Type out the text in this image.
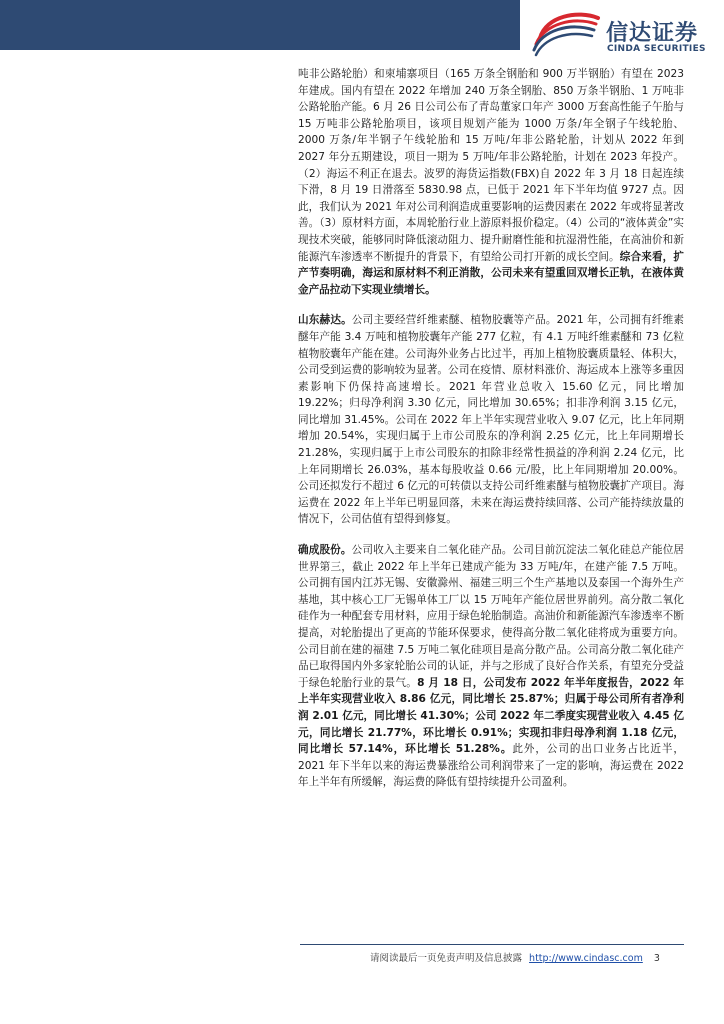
信达证券
CINDA SECURITIES

吨非公路轮胎）和柬埔寨项目（165 万条全钢胎和 900 万半钢胎）有望在 2023 年建成。国内有望在 2022 年增加 240 万条全钢胎、850 万条半钢胎、1 万吨非公路轮胎产能。6 月 26 日公司公布了青岛董家口年产 3000 万套高性能子午胎与 15 万吨非公路轮胎项目，该项目规划产能为 1000 万条/年全钢子午线轮胎、2000 万条/年半钢子午线轮胎和 15 万吨/年非公路轮胎，计划从 2022 年到 2027 年分五期建设，项目一期为 5 万吨/年非公路轮胎，计划在 2023 年投产。（2）海运不利正在退去。波罗的海货运指数(FBX)自 2022 年 3 月 18 日起连续下滑，8 月 19 日滑落至 5830.98 点，已低于 2021 年下半年均值 9727 点。因此，我们认为 2021 年对公司利润造成重要影响的运费因素在 2022 年或将显著改善。（3）原材料方面，本周轮胎行业上游原料报价稳定。（4）公司的“液体黄金”实现技术突破，能够同时降低滚动阻力、提升耐磨性能和抗湿滑性能，在高油价和新能源汽车渗透率不断提升的背景下，有望给公司打开新的成长空间。综合来看，扩产节奏明确，海运和原材料不利正消散，公司未来有望重回双增长正轨，在液体黄金产品拉动下实现业绩增长。

山东赫达。公司主要经营纤维素醚、植物胶囊等产品。2021 年，公司拥有纤维素醚年产能 3.4 万吨和植物胶囊年产能 277 亿粒，有 4.1 万吨纤维素醚和 73 亿粒植物胶囊年产能在建。公司海外业务占比过半，再加上植物胶囊质量轻、体积大，公司受到运费的影响较为显著。公司在疫情、原材料涨价、海运成本上涨等多重因素影响下仍保持高速增长。2021 年营业总收入 15.60 亿元，同比增加 19.22%；归母净利润 3.30 亿元，同比增加 30.65%；扣非净利润 3.15 亿元，同比增加 31.45%。公司在 2022 年上半年实现营业收入 9.07 亿元，比上年同期增加 20.54%，实现归属于上市公司股东的净利润 2.25 亿元，比上年同期增长 21.28%，实现归属于上市公司股东的扣除非经常性损益的净利润 2.24 亿元，比上年同期增长 26.03%，基本每股收益 0.66 元/股，比上年同期增加 20.00%。公司还拟发行不超过 6 亿元的可转债以支持公司纤维素醚与植物胶囊扩产项目。海运费在 2022 年上半年已明显回落，未来在海运费持续回落、公司产能持续放量的情况下，公司估值有望得到修复。

确成股份。公司收入主要来自二氧化硅产品。公司目前沉淀法二氧化硅总产能位居世界第三，截止 2022 年上半年已建成产能为 33 万吨/年，在建产能 7.5 万吨。公司拥有国内江苏无锡、安徽滁州、福建三明三个生产基地以及泰国一个海外生产基地，其中核心工厂无锡单体工厂以 15 万吨年产能位居世界前列。高分散二氧化硅作为一种配套专用材料，应用于绿色轮胎制造。高油价和新能源汽车渗透率不断提高，对轮胎提出了更高的节能环保要求，使得高分散二氧化硅将成为重要方向。公司目前在建的福建 7.5 万吨二氧化硅项目是高分散产品。公司高分散二氧化硅产品已取得国内外多家轮胎公司的认证，并与之形成了良好合作关系，有望充分受益于绿色轮胎行业的景气。8 月 18 日，公司发布 2022 年半年度报告，2022 年上半年实现营业收入 8.86 亿元，同比增长 25.87%；归属于母公司所有者净利润 2.01 亿元，同比增长 41.30%；公司 2022 年二季度实现营业收入 4.45 亿元，同比增长 21.77%，环比增长 0.91%；实现扣非归母净利润 1.18 亿元，同比增长 57.14%，环比增长 51.28%。此外，公司的出口业务占比近半，2021 年下半年以来的海运费暴涨给公司利润带来了一定的影响，海运费在 2022 年上半年有所缓解，海运费的降低有望持续提升公司盈利。

请阅读最后一页免责声明及信息披露 http://www.cindasc.com 3
